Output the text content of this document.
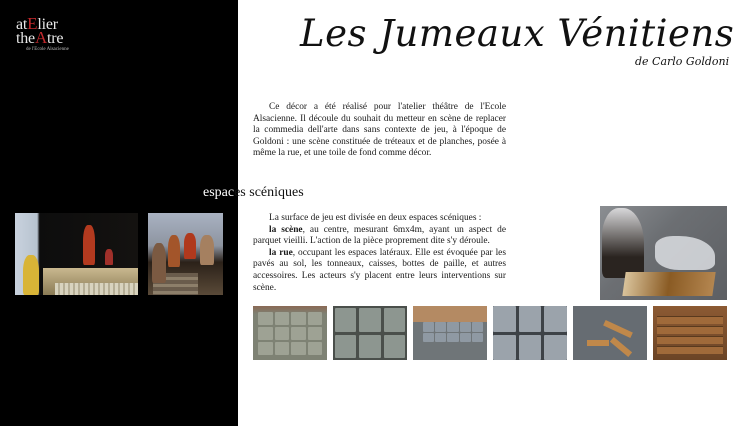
atElier
theAtre
de l'Ecole Alsacienne	Les Jumeaux Vénitiens
de Carlo Goldoni
Ce décor a été réalisé pour l'atelier théâtre de l'Ecole Alsacienne. Il découle du souhait du metteur en scène de replacer la commedia dell'arte dans sans contexte de jeu, à l'époque de Goldoni : une scène constituée de tréteaux et de planches, posée à même la rue, et une toile de fond comme décor.
espaces scéniques
La surface de jeu est divisée en deux espaces scéniques :
la scène, au centre, mesurant 6mx4m, ayant un aspect de parquet vieilli. L'action de la pièce proprement dite s'y déroule.
la rue, occupant les espaces latéraux. Elle est évoquée par les pavés au sol, les tonneaux, caisses, bottes de paille, et autres accessoires. Les acteurs s'y placent entre leurs interventions sur scène.
